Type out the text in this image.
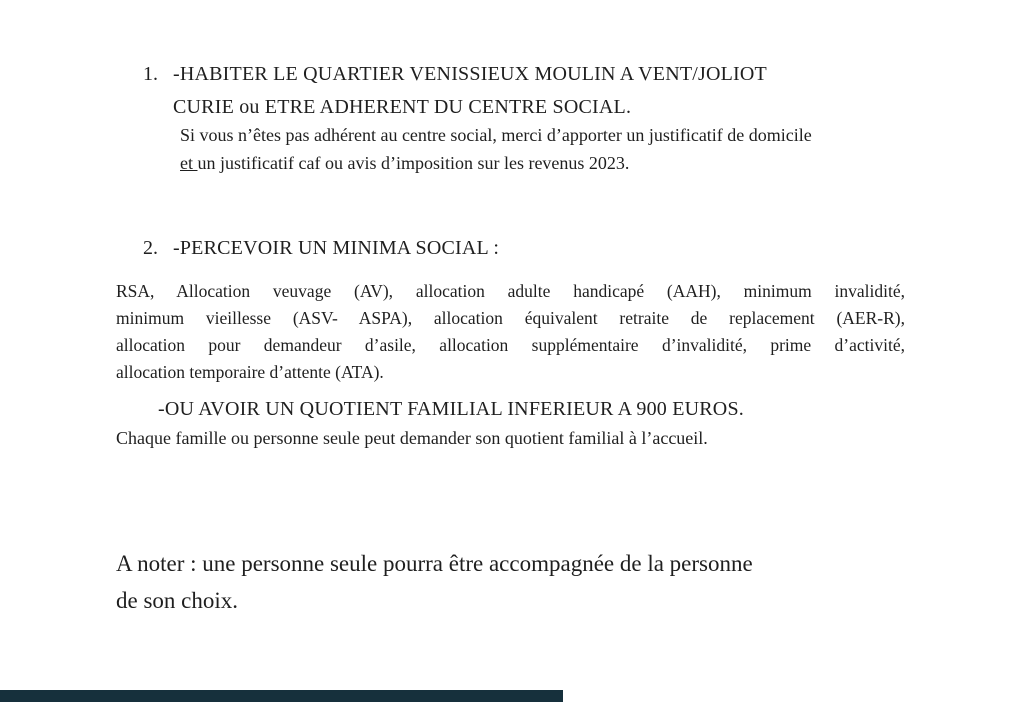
1. -HABITER LE QUARTIER VENISSIEUX MOULIN A VENT/JOLIOT
CURIE ou ETRE ADHERENT DU CENTRE SOCIAL.
Si vous n’êtes pas adhérent au centre social, merci d’apporter un justificatif de domicile
et un justificatif caf ou avis d’imposition sur les revenus 2023.
2. -PERCEVOIR UN MINIMA SOCIAL :
RSA, Allocation veuvage (AV), allocation adulte handicapé (AAH), minimum invalidité,
minimum vieillesse (ASV- ASPA), allocation équivalent retraite de replacement (AER-R),
allocation pour demandeur d’asile, allocation supplémentaire d’invalidité, prime d’activité,
allocation temporaire d’attente (ATA).
-OU AVOIR UN QUOTIENT FAMILIAL INFERIEUR A 900 EUROS.
Chaque famille ou personne seule peut demander son quotient familial à l’accueil.
A noter : une personne seule pourra être accompagnée de la personne
de son choix.
